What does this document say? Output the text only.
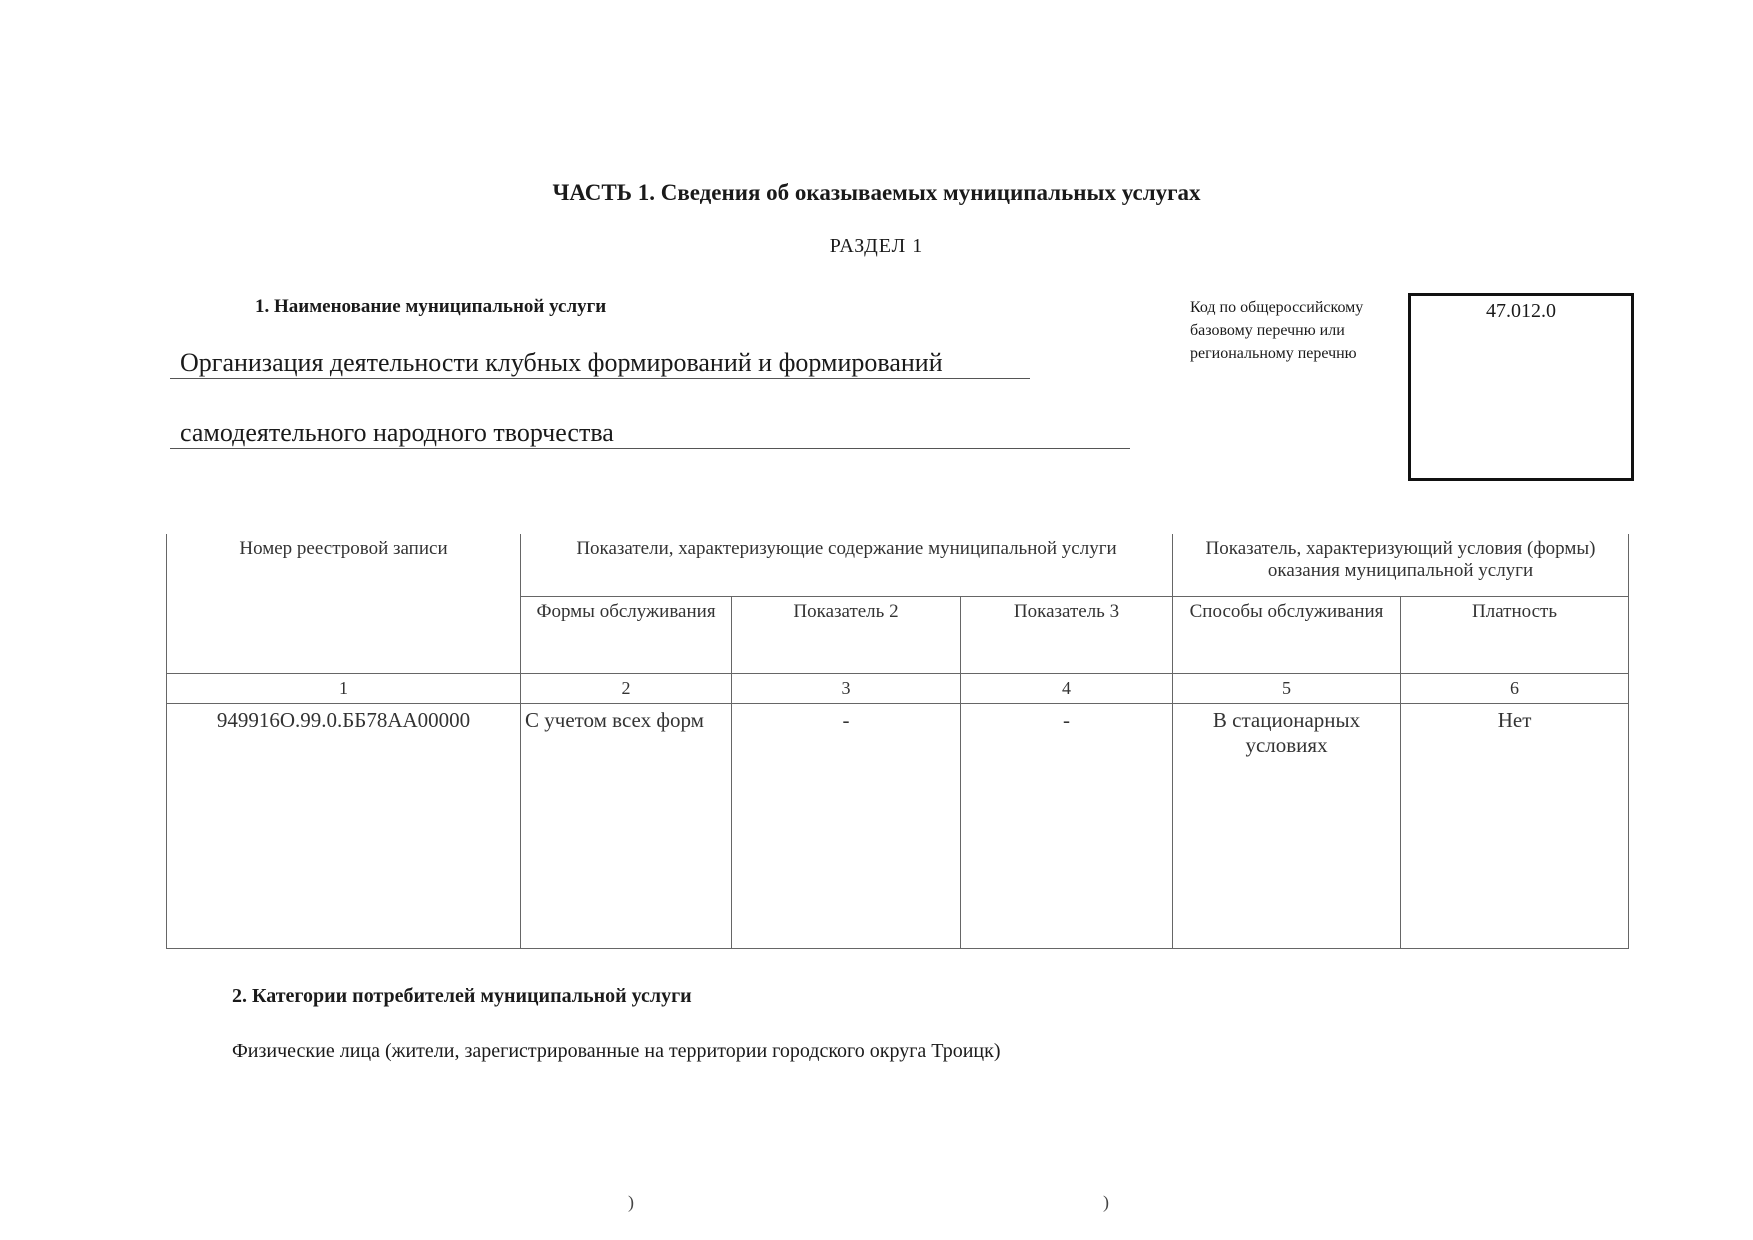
ЧАСТЬ 1. Сведения об оказываемых муниципальных услугах
РАЗДЕЛ 1
1. Наименование муниципальной услуги
Организация деятельности клубных формирований и формирований
самодеятельного народного творчества
Код по общероссийскому базовому перечню или региональному перечню
47.012.0
Номер реестровой записи	Показатели, характеризующие содержание муниципальной услуги			Показатель, характеризующий условия (формы) оказания муниципальной услуги	
	Формы обслуживания	Показатель 2	Показатель 3	Способы обслуживания	Платность
1	2	3	4	5	6
949916О.99.0.ББ78АА00000	С учетом всех форм	-	-	В стационарных условиях	Нет
2. Категории потребителей муниципальной услуги
Физические лица (жители, зарегистрированные на территории городского округа Троицк)
)	)
